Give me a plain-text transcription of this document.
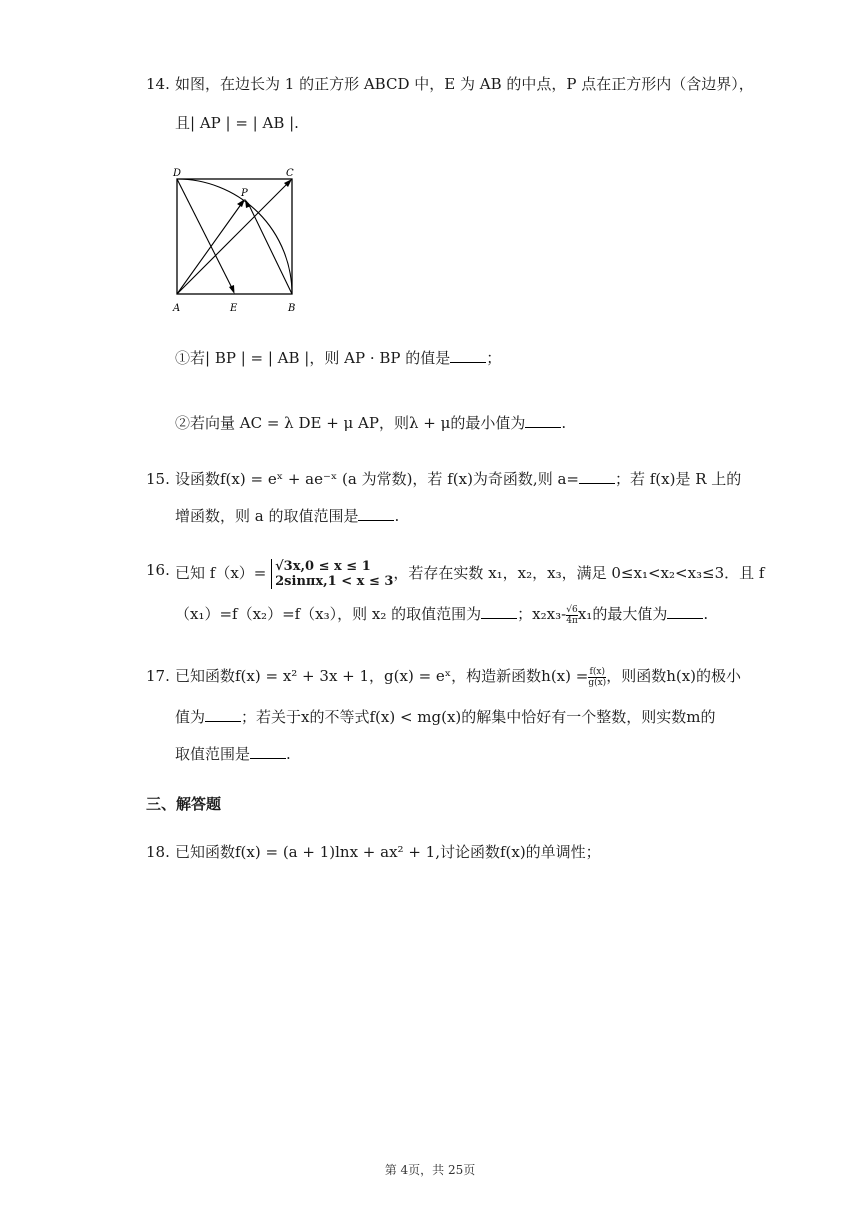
14. 如图，在边长为 1 的正方形 ABCD 中，E 为 AB 的中点，P 点在正方形内（含边界），
且| AP | = | AB |.
D	C
A	E	B
P
①若| BP | = | AB |，则 AP · BP 的值是 ；
②若向量 AC = λ DE + μ AP，则λ + μ的最小值为 .
15. 设函数f(x) = eˣ + ae⁻ˣ (a 为常数)，若 f(x)为奇函数,则 a= ；若 f(x)是 R 上的
增函数，则 a 的取值范围是 .
16. 已知 f（x）= √3x,0 ≤ x ≤ 1
2sinπx,1 < x ≤ 3 ，若存在实数 x₁，x₂，x₃，满足 0≤x₁<x₂<x₃≤3．且 f
（x₁）=f（x₂）=f（x₃），则 x₂ 的取值范围为 ；$x_2x_3- \frac{√6}{4\pi} x_1$的最大值为 .
17. 已知函数f(x) = x² + 3x + 1，g(x) = eˣ，构造新函数$h(x) = \frac{f(x)}{g(x)}$ ，则函数h(x)的极小
值为 ；若关于x的不等式f(x) < mg(x)的解集中恰好有一个整数，则实数m的
取值范围是 .
三、解答题
18. 已知函数f(x) = (a + 1)lnx + ax² + 1,讨论函数f(x)的单调性；
第 4页，共 25页
